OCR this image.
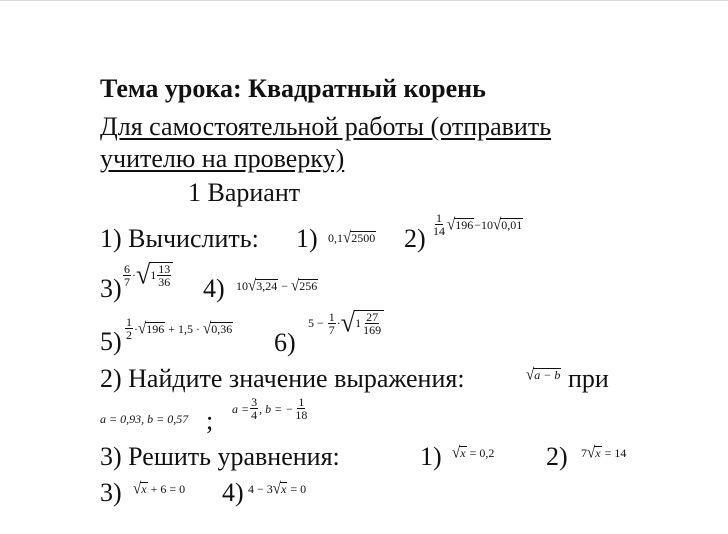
Тема урока: Квадратный корень
Для самостоятельной работы (отправить
учителю на проверку)
1 Вариант
1) Вычислить: 1) 0,1 √ 2500 $2) \frac{1}{14}$ √ 196 −10 √ 0,01
$3) \frac{6}{7}$ · √ $1 \frac{13}{36} 4$) 10 √ 3,24 − √ 256
$5) \frac{1}{2}$ · √ 196 + 1,5 · √ 0,36 6)
$5 - \frac{1}{7}$ · √ $1 \frac{27}{169}$
2) Найдите значение выражения:	√ a − b при
a = 0,93, b = 0,57 ; $a = \frac{3}{4}$ , b = − $\frac{1}{18}$
3) Решить уравнения:	1) √ x = 0,2 2) 7 √ x = 14
3) √ x + 6 = 0 4) 4 − 3 √ x = 0
